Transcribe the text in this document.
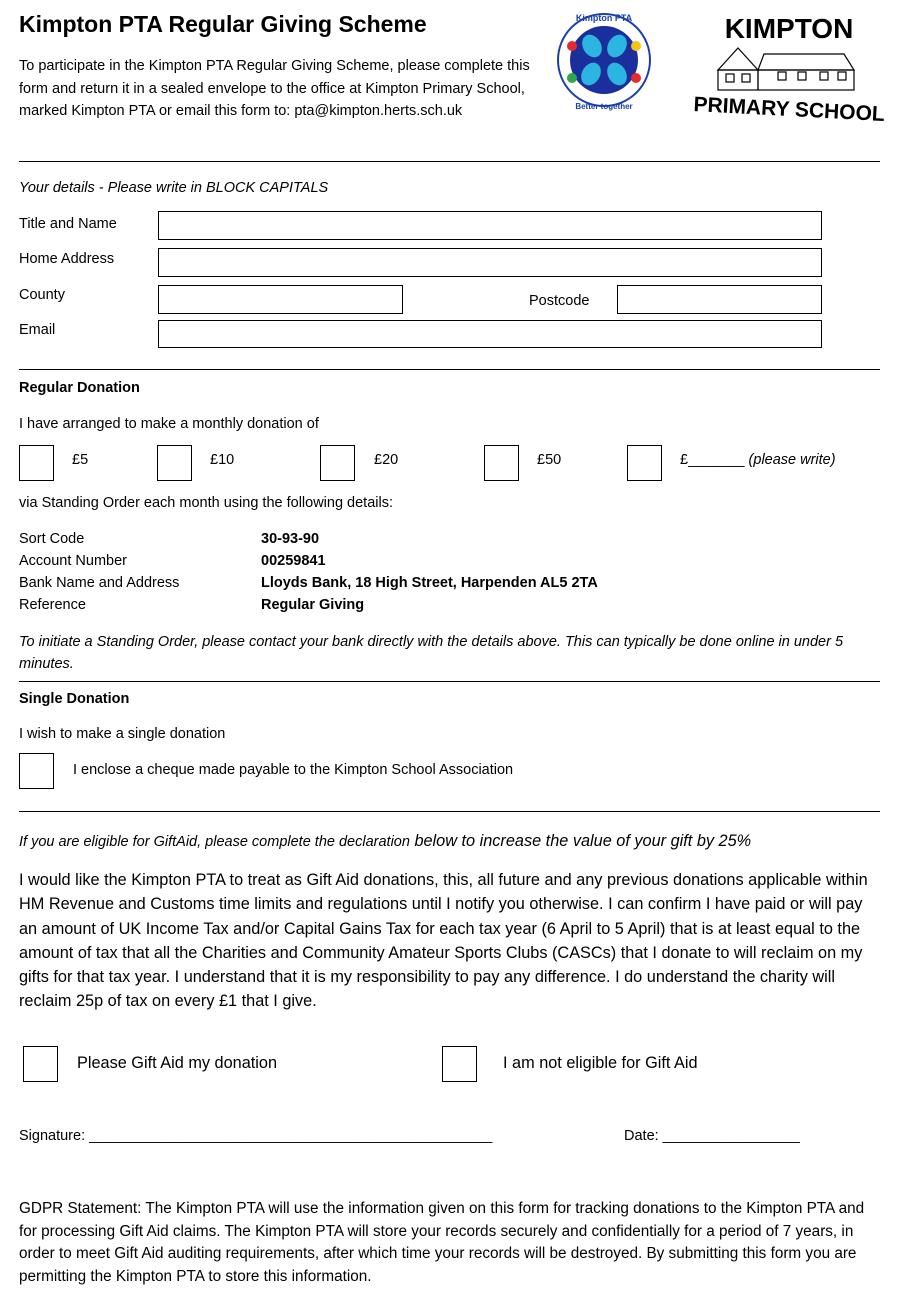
Kimpton PTA Regular Giving Scheme
To participate in the Kimpton PTA Regular Giving Scheme, please complete this form and return it in a sealed envelope to the office at Kimpton Primary School, marked Kimpton PTA or email this form to: pta@kimpton.herts.sch.uk
Kimpton PTA
Better together
KIMPTON
PRIMARY SCHOOL
Your details - Please write in BLOCK CAPITALS
Title and Name
Home Address
County	Postcode
Email
Regular Donation
I have arranged to make a monthly donation of
£5	£10	£20	£50	£_______ (please write)
via Standing Order each month using the following details:
Sort Code	30-93-90
Account Number	00259841
Bank Name and Address	Lloyds Bank, 18 High Street, Harpenden AL5 2TA
Reference	Regular Giving
To initiate a Standing Order, please contact your bank directly with the details above. This can typically be done online in under 5 minutes.
Single Donation
I wish to make a single donation
I enclose a cheque made payable to the Kimpton School Association
If you are eligible for GiftAid, please complete the declaration below to increase the value of your gift by 25%
I would like the Kimpton PTA to treat as Gift Aid donations, this, all future and any previous donations applicable within HM Revenue and Customs time limits and regulations until I notify you otherwise. I can confirm I have paid or will pay an amount of UK Income Tax and/or Capital Gains Tax for each tax year (6 April to 5 April) that is at least equal to the amount of tax that all the Charities and Community Amateur Sports Clubs (CASCs) that I donate to will reclaim on my gifts for that tax year. I understand that it is my responsibility to pay any difference. I do understand the charity will reclaim 25p of tax on every £1 that I give.
Please Gift Aid my donation	I am not eligible for Gift Aid
Signature: __________________________________________________	Date: _________________
GDPR Statement: The Kimpton PTA will use the information given on this form for tracking donations to the Kimpton PTA and for processing Gift Aid claims. The Kimpton PTA will store your records securely and confidentially for a period of 7 years, in order to meet Gift Aid auditing requirements, after which time your records will be destroyed. By submitting this form you are permitting the Kimpton PTA to store this information.
